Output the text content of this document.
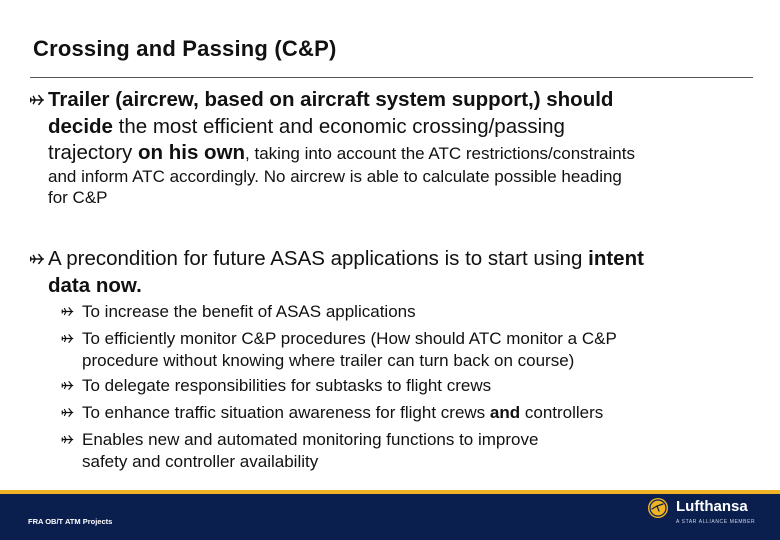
Crossing and Passing (C&P)
Trailer (aircrew, based on aircraft system support,) should
decide the most efficient and economic crossing/passing
trajectory on his own, taking into account the ATC restrictions/constraints
and inform ATC accordingly. No aircrew is able to calculate possible heading
for C&P
A precondition for future ASAS applications is to start using intent
data now.
To increase the benefit of ASAS applications
To efficiently monitor C&P procedures (How should ATC monitor a C&P
procedure without knowing where trailer can turn back on course)
To delegate responsibilities for subtasks to flight crews
To enhance traffic situation awareness for flight crews and controllers
Enables new and automated monitoring functions to improve
safety and controller availability
FRA OB/T ATM Projects
Lufthansa
A STAR ALLIANCE MEMBER
